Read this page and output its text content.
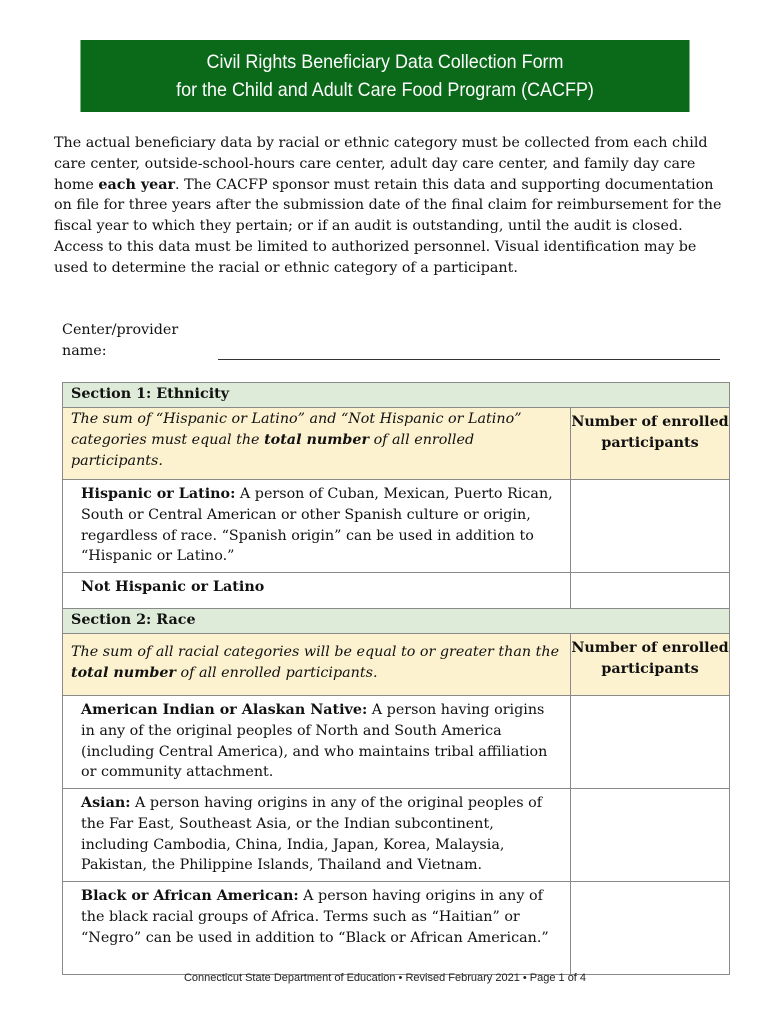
Civil Rights Beneficiary Data Collection Form
for the Child and Adult Care Food Program (CACFP)
The actual beneficiary data by racial or ethnic category must be collected from each child care center, outside-school-hours care center, adult day care center, and family day care home each year. The CACFP sponsor must retain this data and supporting documentation on file for three years after the submission date of the final claim for reimbursement for the fiscal year to which they pertain; or if an audit is outstanding, until the audit is closed. Access to this data must be limited to authorized personnel. Visual identification may be used to determine the racial or ethnic category of a participant.
Center/provider name:
Section 1: Ethnicity	
The sum of “Hispanic or Latino” and “Not Hispanic or Latino” categories must equal the total number of all enrolled participants.	Number of enrolled participants
Hispanic or Latino: A person of Cuban, Mexican, Puerto Rican, South or Central American or other Spanish culture or origin, regardless of race. “Spanish origin” can be used in addition to “Hispanic or Latino.”	
Not Hispanic or Latino	
Section 2: Race	
The sum of all racial categories will be equal to or greater than the total number of all enrolled participants.	Number of enrolled participants
American Indian or Alaskan Native: A person having origins in any of the original peoples of North and South America (including Central America), and who maintains tribal affiliation or community attachment.	
Asian: A person having origins in any of the original peoples of the Far East, Southeast Asia, or the Indian subcontinent, including Cambodia, China, India, Japan, Korea, Malaysia, Pakistan, the Philippine Islands, Thailand and Vietnam.	
Black or African American: A person having origins in any of the black racial groups of Africa. Terms such as “Haitian” or “Negro” can be used in addition to “Black or African American.”	
Connecticut State Department of Education • Revised February 2021 • Page 1 of 4
